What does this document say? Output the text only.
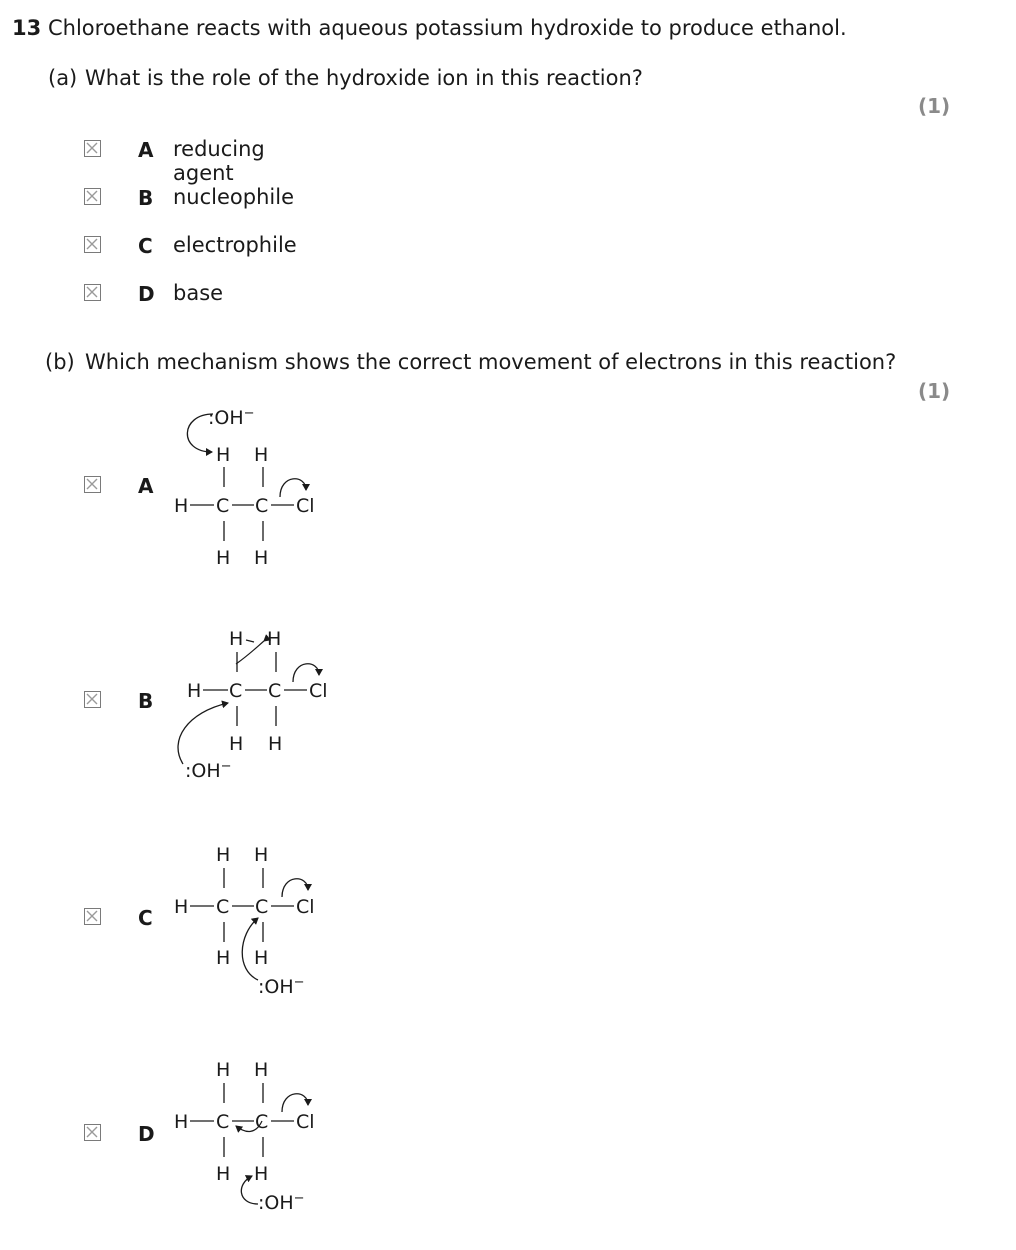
13 Chloroethane reacts with aqueous potassium hydroxide to produce ethanol.
(a) What is the role of the hydroxide ion in this reaction?
(1)
A reducing agent
B nucleophile
C electrophile
D base
(b) Which mechanism shows the correct movement of electrons in this reaction?
(1)
A
B
C
D
:OH−
H H
H C C Cl
H H
H H
H C C Cl
H H
:OH−
H H
H C C Cl
H H
:OH−
H H
H C C Cl
H H
:OH−
